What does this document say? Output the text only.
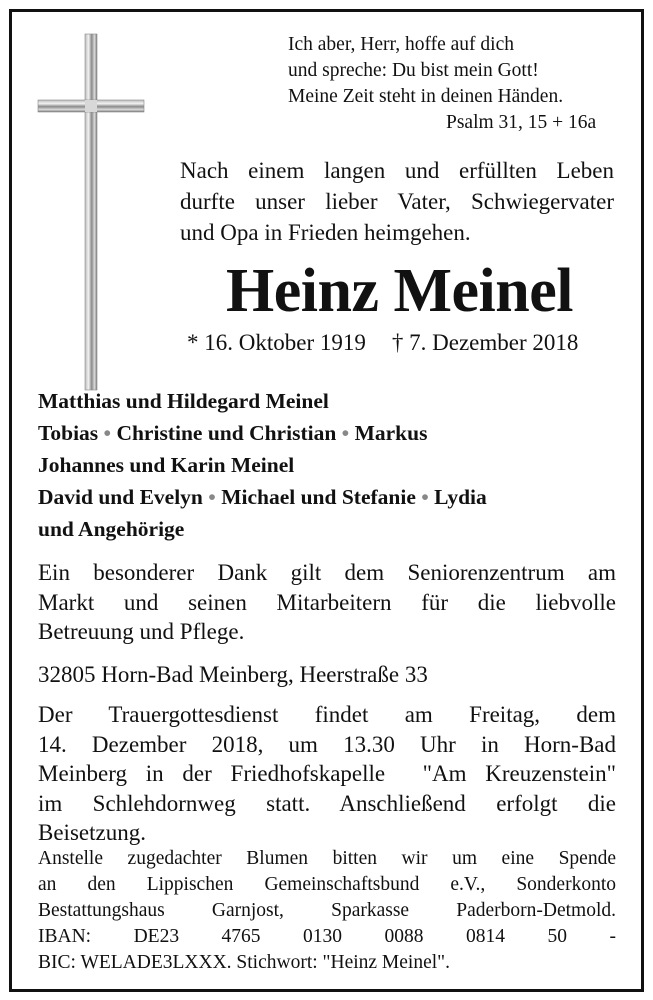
Ich aber, Herr, hoffe auf dich
und spreche: Du bist mein Gott!
Meine Zeit steht in deinen Händen.
Psalm 31, 15 + 16a
Nach einem langen und erfüllten Leben
durfte unser lieber Vater, Schwiegervater
und Opa in Frieden heimgehen.
Heinz Meinel
* 16. Oktober 1919 † 7. Dezember 2018
Matthias und Hildegard Meinel
Tobias • Christine und Christian • Markus
Johannes und Karin Meinel
David und Evelyn • Michael und Stefanie • Lydia
und Angehörige
Ein besonderer Dank gilt dem Seniorenzentrum am
Markt und seinen Mitarbeitern für die liebvolle
Betreuung und Pflege.
32805 Horn-Bad Meinberg, Heerstraße 33
Der Trauergottesdienst findet am Freitag, dem
14. Dezember 2018, um 13.30 Uhr in Horn-Bad
Meinberg in der Friedhofskapelle  "Am Kreuzenstein"
im Schlehdornweg statt. Anschließend erfolgt die
Beisetzung.
Anstelle zugedachter Blumen bitten wir um eine Spende
an den Lippischen Gemeinschaftsbund e.V., Sonderkonto
Bestattungshaus Garnjost, Sparkasse Paderborn-Detmold.
IBAN: DE23 4765 0130 0088 0814 50 -
BIC: WELADE3LXXX. Stichwort: "Heinz Meinel".
